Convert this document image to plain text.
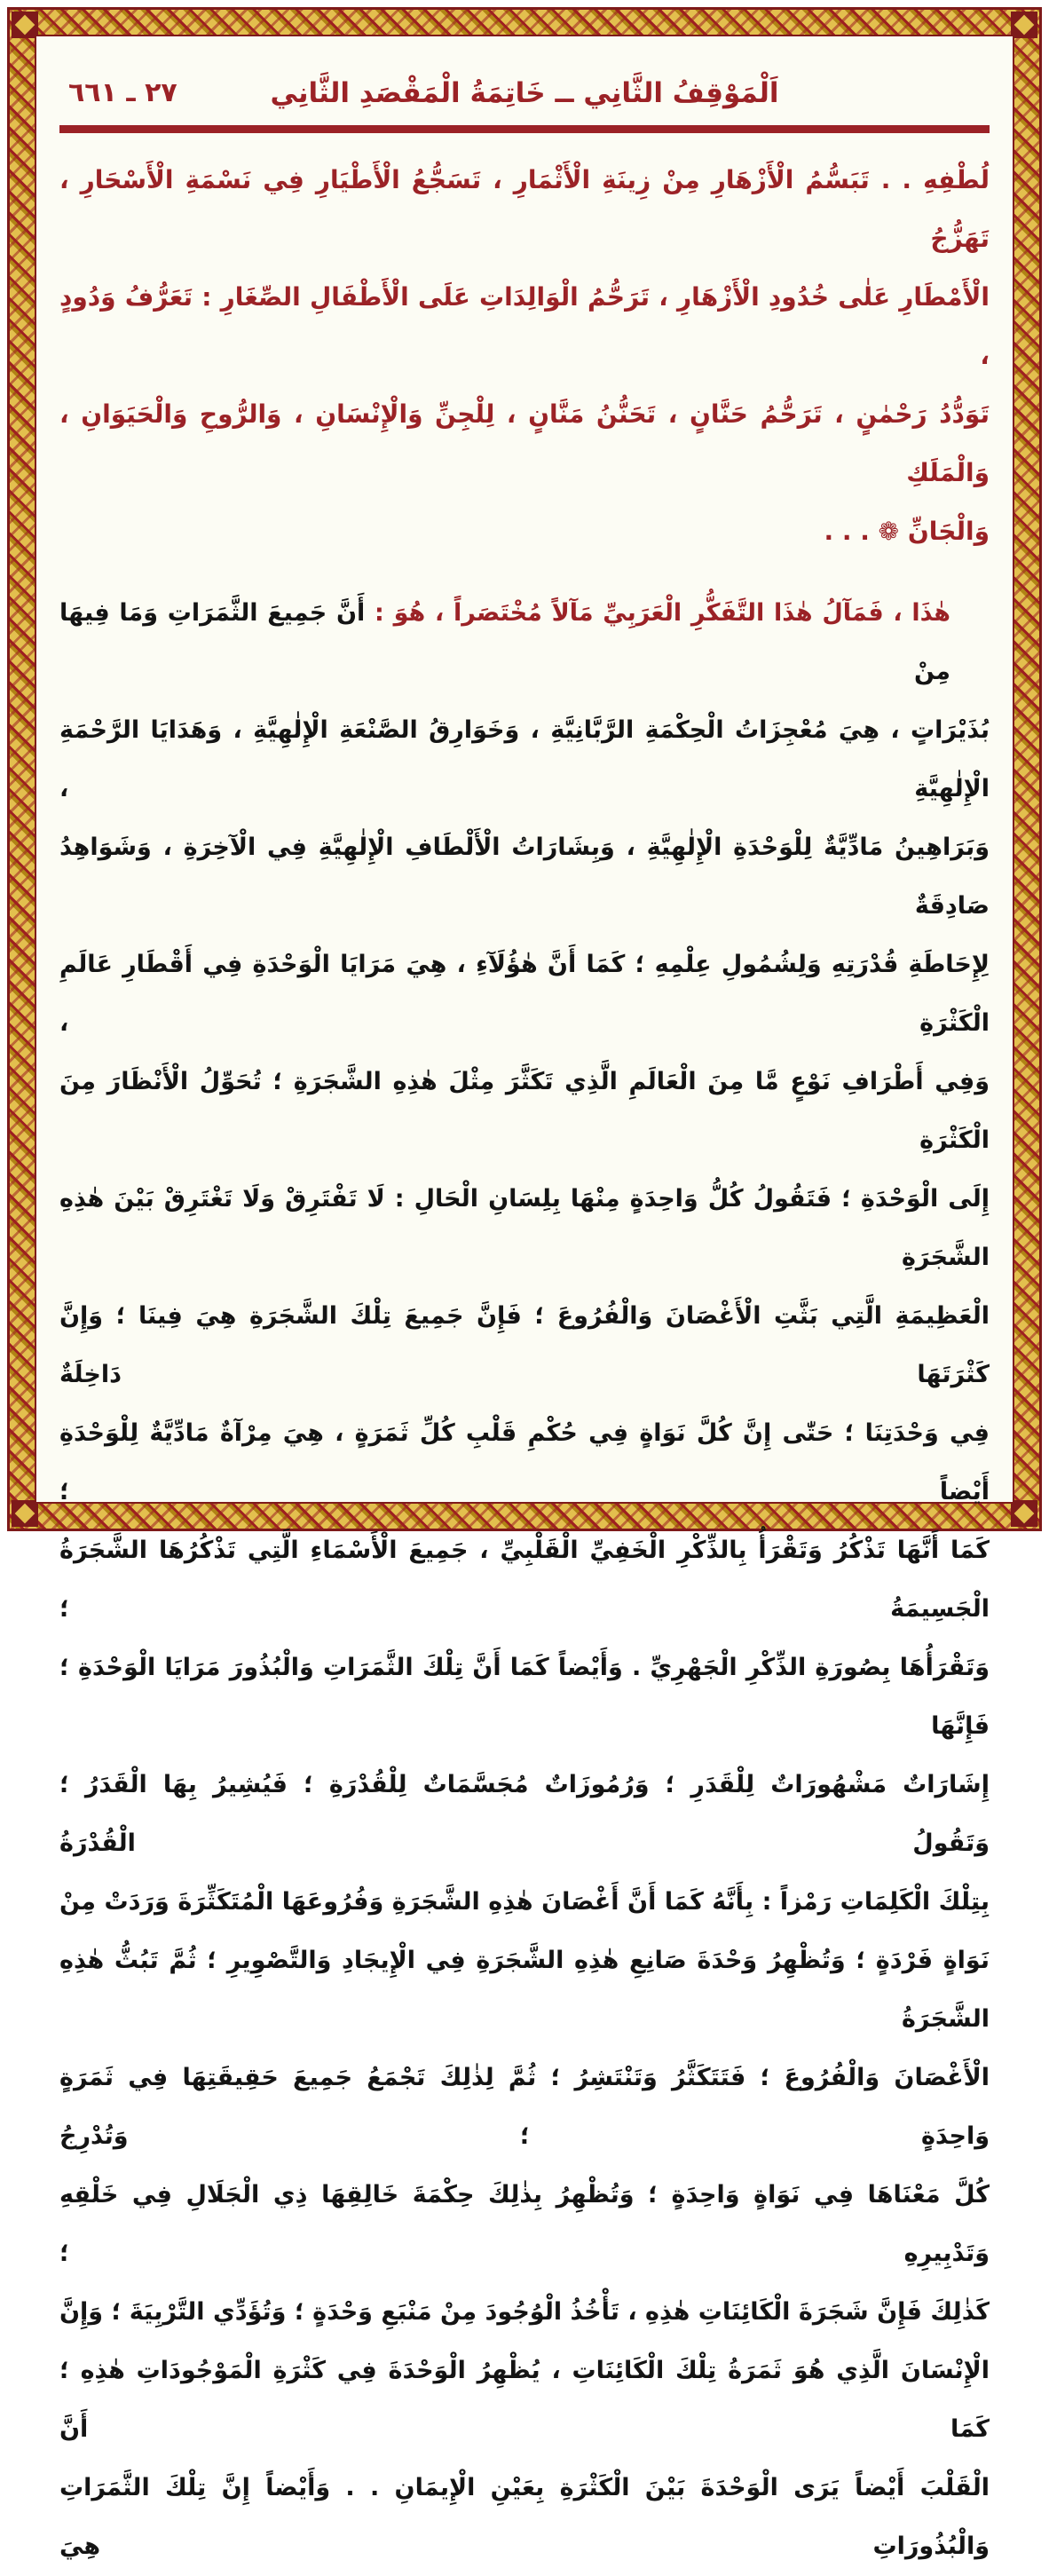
٢٧ ـ ٦٦١	اَلْمَوْقِفُ الثَّانِي ــ خَاتِمَةُ الْمَقْصَدِ الثَّانِي
لُطْفِهِ . . تَبَسُّمُ الْأَزْهَارِ مِنْ زِينَةِ الْأَثْمَارِ ، تَسَجُّعُ الْأَطْيَارِ فِي نَسْمَةِ الْأَسْحَارِ ، تَهَزُّجُ
الْأَمْطَارِ عَلٰى خُدُودِ الْأَزْهَارِ ، تَرَحُّمُ الْوَالِدَاتِ عَلَى الْأَطْفَالِ الصِّغَارِ : تَعَرُّفُ وَدُودٍ ،
تَوَدُّدُ رَحْمٰنٍ ، تَرَحُّمُ حَنَّانٍ ، تَحَنُّنُ مَنَّانٍ ، لِلْجِنِّ وَالْإِنْسَانِ ، وَالرُّوحِ وَالْحَيَوَانِ ، وَالْمَلَكِ
وَالْجَانِّ ❁ . . .
هٰذَا ، فَمَآلُ هٰذَا التَّفَكُّرِ الْعَرَبِيِّ مَآلاً مُخْتَصَراً ، هُوَ : أَنَّ جَمِيعَ الثَّمَرَاتِ وَمَا فِيهَا مِنْ
بُذَيْرَاتٍ ، هِيَ مُعْجِزَاتُ الْحِكْمَةِ الرَّبَّانِيَّةِ ، وَخَوَارِقُ الصَّنْعَةِ الْإِلٰهِيَّةِ ، وَهَدَايَا الرَّحْمَةِ الْإِلٰهِيَّةِ ،
وَبَرَاهِينُ مَادِّيَّةٌ لِلْوَحْدَةِ الْإِلٰهِيَّةِ ، وَبِشَارَاتُ الْأَلْطَافِ الْإِلٰهِيَّةِ فِي الْآخِرَةِ ، وَشَوَاهِدُ صَادِقَةٌ
لِإِحَاطَةِ قُدْرَتِهِ وَلِشُمُولِ عِلْمِهِ ؛ كَمَا أَنَّ هٰؤُلَآءِ ، هِيَ مَرَايَا الْوَحْدَةِ فِي أَقْطَارِ عَالَمِ الْكَثْرَةِ ،
وَفِي أَطْرَافِ نَوْعٍ مَّا مِنَ الْعَالَمِ الَّذِي تَكَثَّرَ مِثْلَ هٰذِهِ الشَّجَرَةِ ؛ تُحَوِّلُ الْأَنْظَارَ مِنَ الْكَثْرَةِ
إِلَى الْوَحْدَةِ ؛ فَتَقُولُ كُلُّ وَاحِدَةٍ مِنْهَا بِلِسَانِ الْحَالِ : لَا تَفْتَرِقْ وَلَا تَغْتَرِقْ بَيْنَ هٰذِهِ الشَّجَرَةِ
الْعَظِيمَةِ الَّتِي بَثَّتِ الْأَغْصَانَ وَالْفُرُوعَ ؛ فَإِنَّ جَمِيعَ تِلْكَ الشَّجَرَةِ هِيَ فِينَا ؛ وَإِنَّ كَثْرَتَهَا دَاخِلَةٌ
فِي وَحْدَتِنَا ؛ حَتّٰى إِنَّ كُلَّ نَوَاةٍ فِي حُكْمِ قَلْبِ كُلِّ ثَمَرَةٍ ، هِيَ مِرْآةٌ مَادِّيَّةٌ لِلْوَحْدَةِ أَيْضاً ؛
كَمَا أَنَّهَا تَذْكُرُ وَتَقْرَأُ بِالذِّكْرِ الْخَفِيِّ الْقَلْبِيِّ ، جَمِيعَ الْأَسْمَاءِ الَّتِي تَذْكُرُهَا الشَّجَرَةُ الْجَسِيمَةُ ؛
وَتَقْرَأُهَا بِصُورَةِ الذِّكْرِ الْجَهْرِيِّ . وَأَيْضاً كَمَا أَنَّ تِلْكَ الثَّمَرَاتِ وَالْبُذُورَ مَرَايَا الْوَحْدَةِ ؛ فَإِنَّهَا
إِشَارَاتٌ مَشْهُورَاتٌ لِلْقَدَرِ ؛ وَرُمُوزَاتٌ مُجَسَّمَاتٌ لِلْقُدْرَةِ ؛ فَيُشِيرُ بِهَا الْقَدَرُ ؛ وَتَقُولُ الْقُدْرَةُ
بِتِلْكَ الْكَلِمَاتِ رَمْزاً : بِأَنَّهُ كَمَا أَنَّ أَغْصَانَ هٰذِهِ الشَّجَرَةِ وَفُرُوعَهَا الْمُتَكَثِّرَةَ وَرَدَتْ مِنْ
نَوَاةٍ فَرْدَةٍ ؛ وَتُظْهِرُ وَحْدَةَ صَانِعِ هٰذِهِ الشَّجَرَةِ فِي الْإِيجَادِ وَالتَّصْوِيرِ ؛ ثُمَّ تَبُثُّ هٰذِهِ الشَّجَرَةُ
الْأَغْصَانَ وَالْفُرُوعَ ؛ فَتَتَكَثَّرُ وَتَنْتَشِرُ ؛ ثُمَّ لِذٰلِكَ تَجْمَعُ جَمِيعَ حَقِيقَتِهَا فِي ثَمَرَةٍ وَاحِدَةٍ ؛ وَتُدْرِجُ
كُلَّ مَعْنَاهَا فِي نَوَاةٍ وَاحِدَةٍ ؛ وَتُظْهِرُ بِذٰلِكَ حِكْمَةَ خَالِقِهَا ذِي الْجَلَالِ فِي خَلْقِهِ وَتَدْبِيرِهِ ؛
كَذٰلِكَ فَإِنَّ شَجَرَةَ الْكَائِنَاتِ هٰذِهِ ، تَأْخُذُ الْوُجُودَ مِنْ مَنْبَعِ وَحْدَةٍ ؛ وَتُؤَدِّي التَّرْبِيَةَ ؛ وَإِنَّ
الْإِنْسَانَ الَّذِي هُوَ ثَمَرَةُ تِلْكَ الْكَائِنَاتِ ، يُظْهِرُ الْوَحْدَةَ فِي كَثْرَةِ الْمَوْجُودَاتِ هٰذِهِ ؛ كَمَا أَنَّ
الْقَلْبَ أَيْضاً يَرَى الْوَحْدَةَ بَيْنَ الْكَثْرَةِ بِعَيْنِ الْإِيمَانِ . . وَأَيْضاً إِنَّ تِلْكَ الثَّمَرَاتِ وَالْبُذُورَاتِ هِيَ
